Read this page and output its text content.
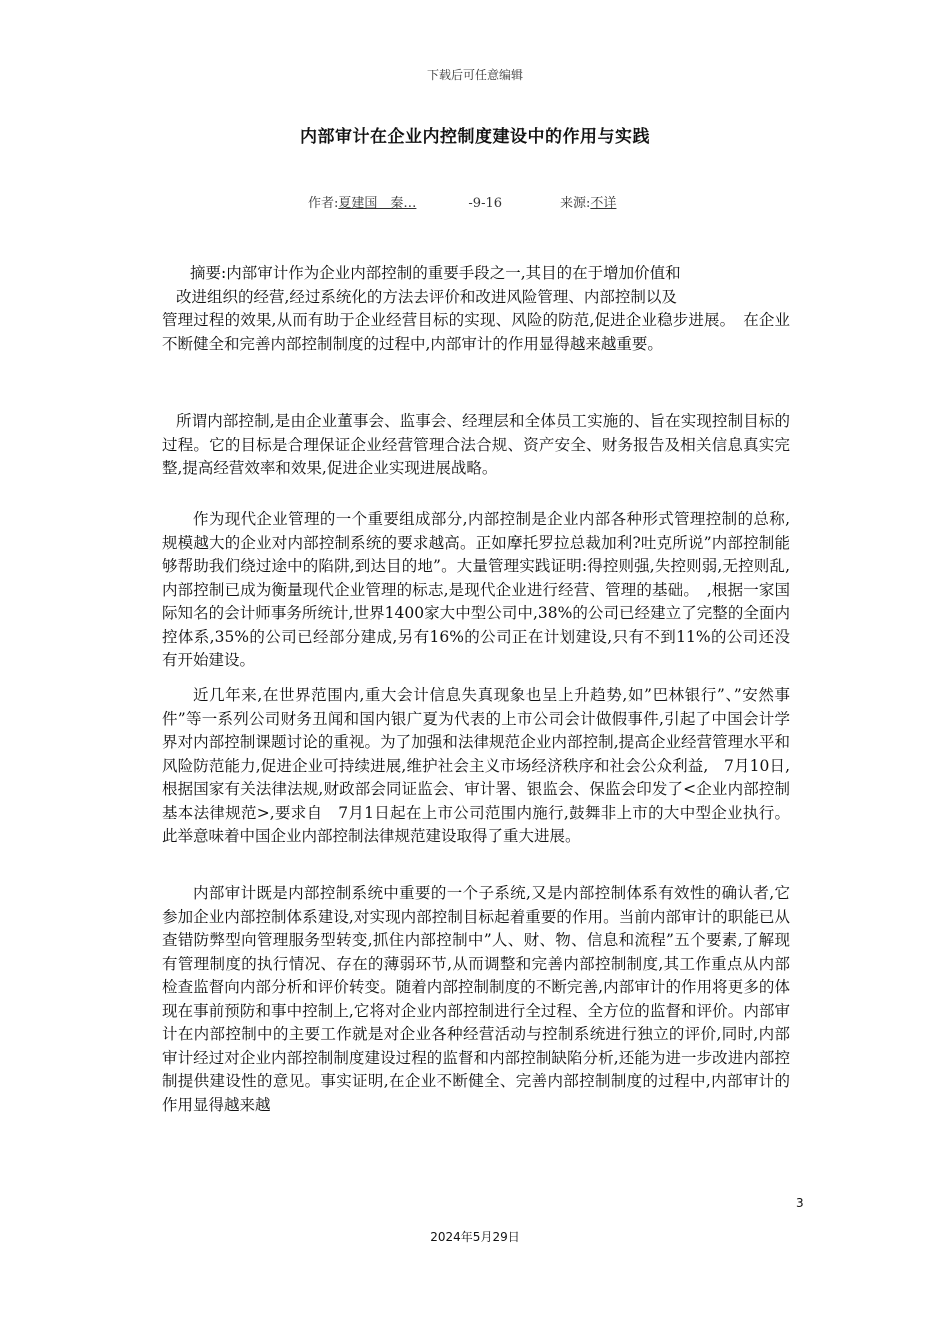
下载后可任意编辑
内部审计在企业内控制度建设中的作用与实践
作者:夏建国　秦…	-9-16	来源:不详
摘要:内部审计作为企业内部控制的重要手段之一,其目的在于增加价值和
改进组织的经营,经过系统化的方法去评价和改进风险管理、内部控制以及
管理过程的效果,从而有助于企业经营目标的实现、风险的防范,促进企业稳步进展。　在企业不断健全和完善内部控制制度的过程中,内部审计的作用显得越来越重要。
所谓内部控制,是由企业董事会、监事会、经理层和全体员工实施的、旨在实现控制目标的过程。它的目标是合理保证企业经营管理合法合规、资产安全、财务报告及相关信息真实完整,提高经营效率和效果,促进企业实现进展战略。
作为现代企业管理的一个重要组成部分,内部控制是企业内部各种形式管理控制的总称,规模越大的企业对内部控制系统的要求越高。正如摩托罗拉总裁加利?吐克所说”内部控制能够帮助我们绕过途中的陷阱,到达目的地”。大量管理实践证明:得控则强,失控则弱,无控则乱,内部控制已成为衡量现代企业管理的标志,是现代企业进行经营、管理的基础。　,根据一家国际知名的会计师事务所统计,世界1400家大中型公司中,38%的公司已经建立了完整的全面内控体系,35%的公司已经部分建成,另有16%的公司正在计划建设,只有不到11%的公司还没有开始建设。
近几年来,在世界范围内,重大会计信息失真现象也呈上升趋势,如”巴林银行”、”安然事件”等一系列公司财务丑闻和国内银广夏为代表的上市公司会计做假事件,引起了中国会计学界对内部控制课题讨论的重视。为了加强和法律规范企业内部控制,提高企业经营管理水平和风险防范能力,促进企业可持续进展,维护社会主义市场经济秩序和社会公众利益,　7月10日,根据国家有关法律法规,财政部会同证监会、审计署、银监会、保监会印发了<企业内部控制基本法律规范>,要求自　7月1日起在上市公司范围内施行,鼓舞非上市的大中型企业执行。此举意味着中国企业内部控制法律规范建设取得了重大进展。
内部审计既是内部控制系统中重要的一个子系统,又是内部控制体系有效性的确认者,它参加企业内部控制体系建设,对实现内部控制目标起着重要的作用。当前内部审计的职能已从查错防弊型向管理服务型转变,抓住内部控制中”人、财、物、信息和流程”五个要素,了解现有管理制度的执行情况、存在的薄弱环节,从而调整和完善内部控制制度,其工作重点从内部检查监督向内部分析和评价转变。随着内部控制制度的不断完善,内部审计的作用将更多的体现在事前预防和事中控制上,它将对企业内部控制进行全过程、全方位的监督和评价。内部审计在内部控制中的主要工作就是对企业各种经营活动与控制系统进行独立的评价,同时,内部审计经过对企业内部控制制度建设过程的监督和内部控制缺陷分析,还能为进一步改进内部控制提供建设性的意见。事实证明,在企业不断健全、完善内部控制制度的过程中,内部审计的作用显得越来越
3
2024年5月29日
